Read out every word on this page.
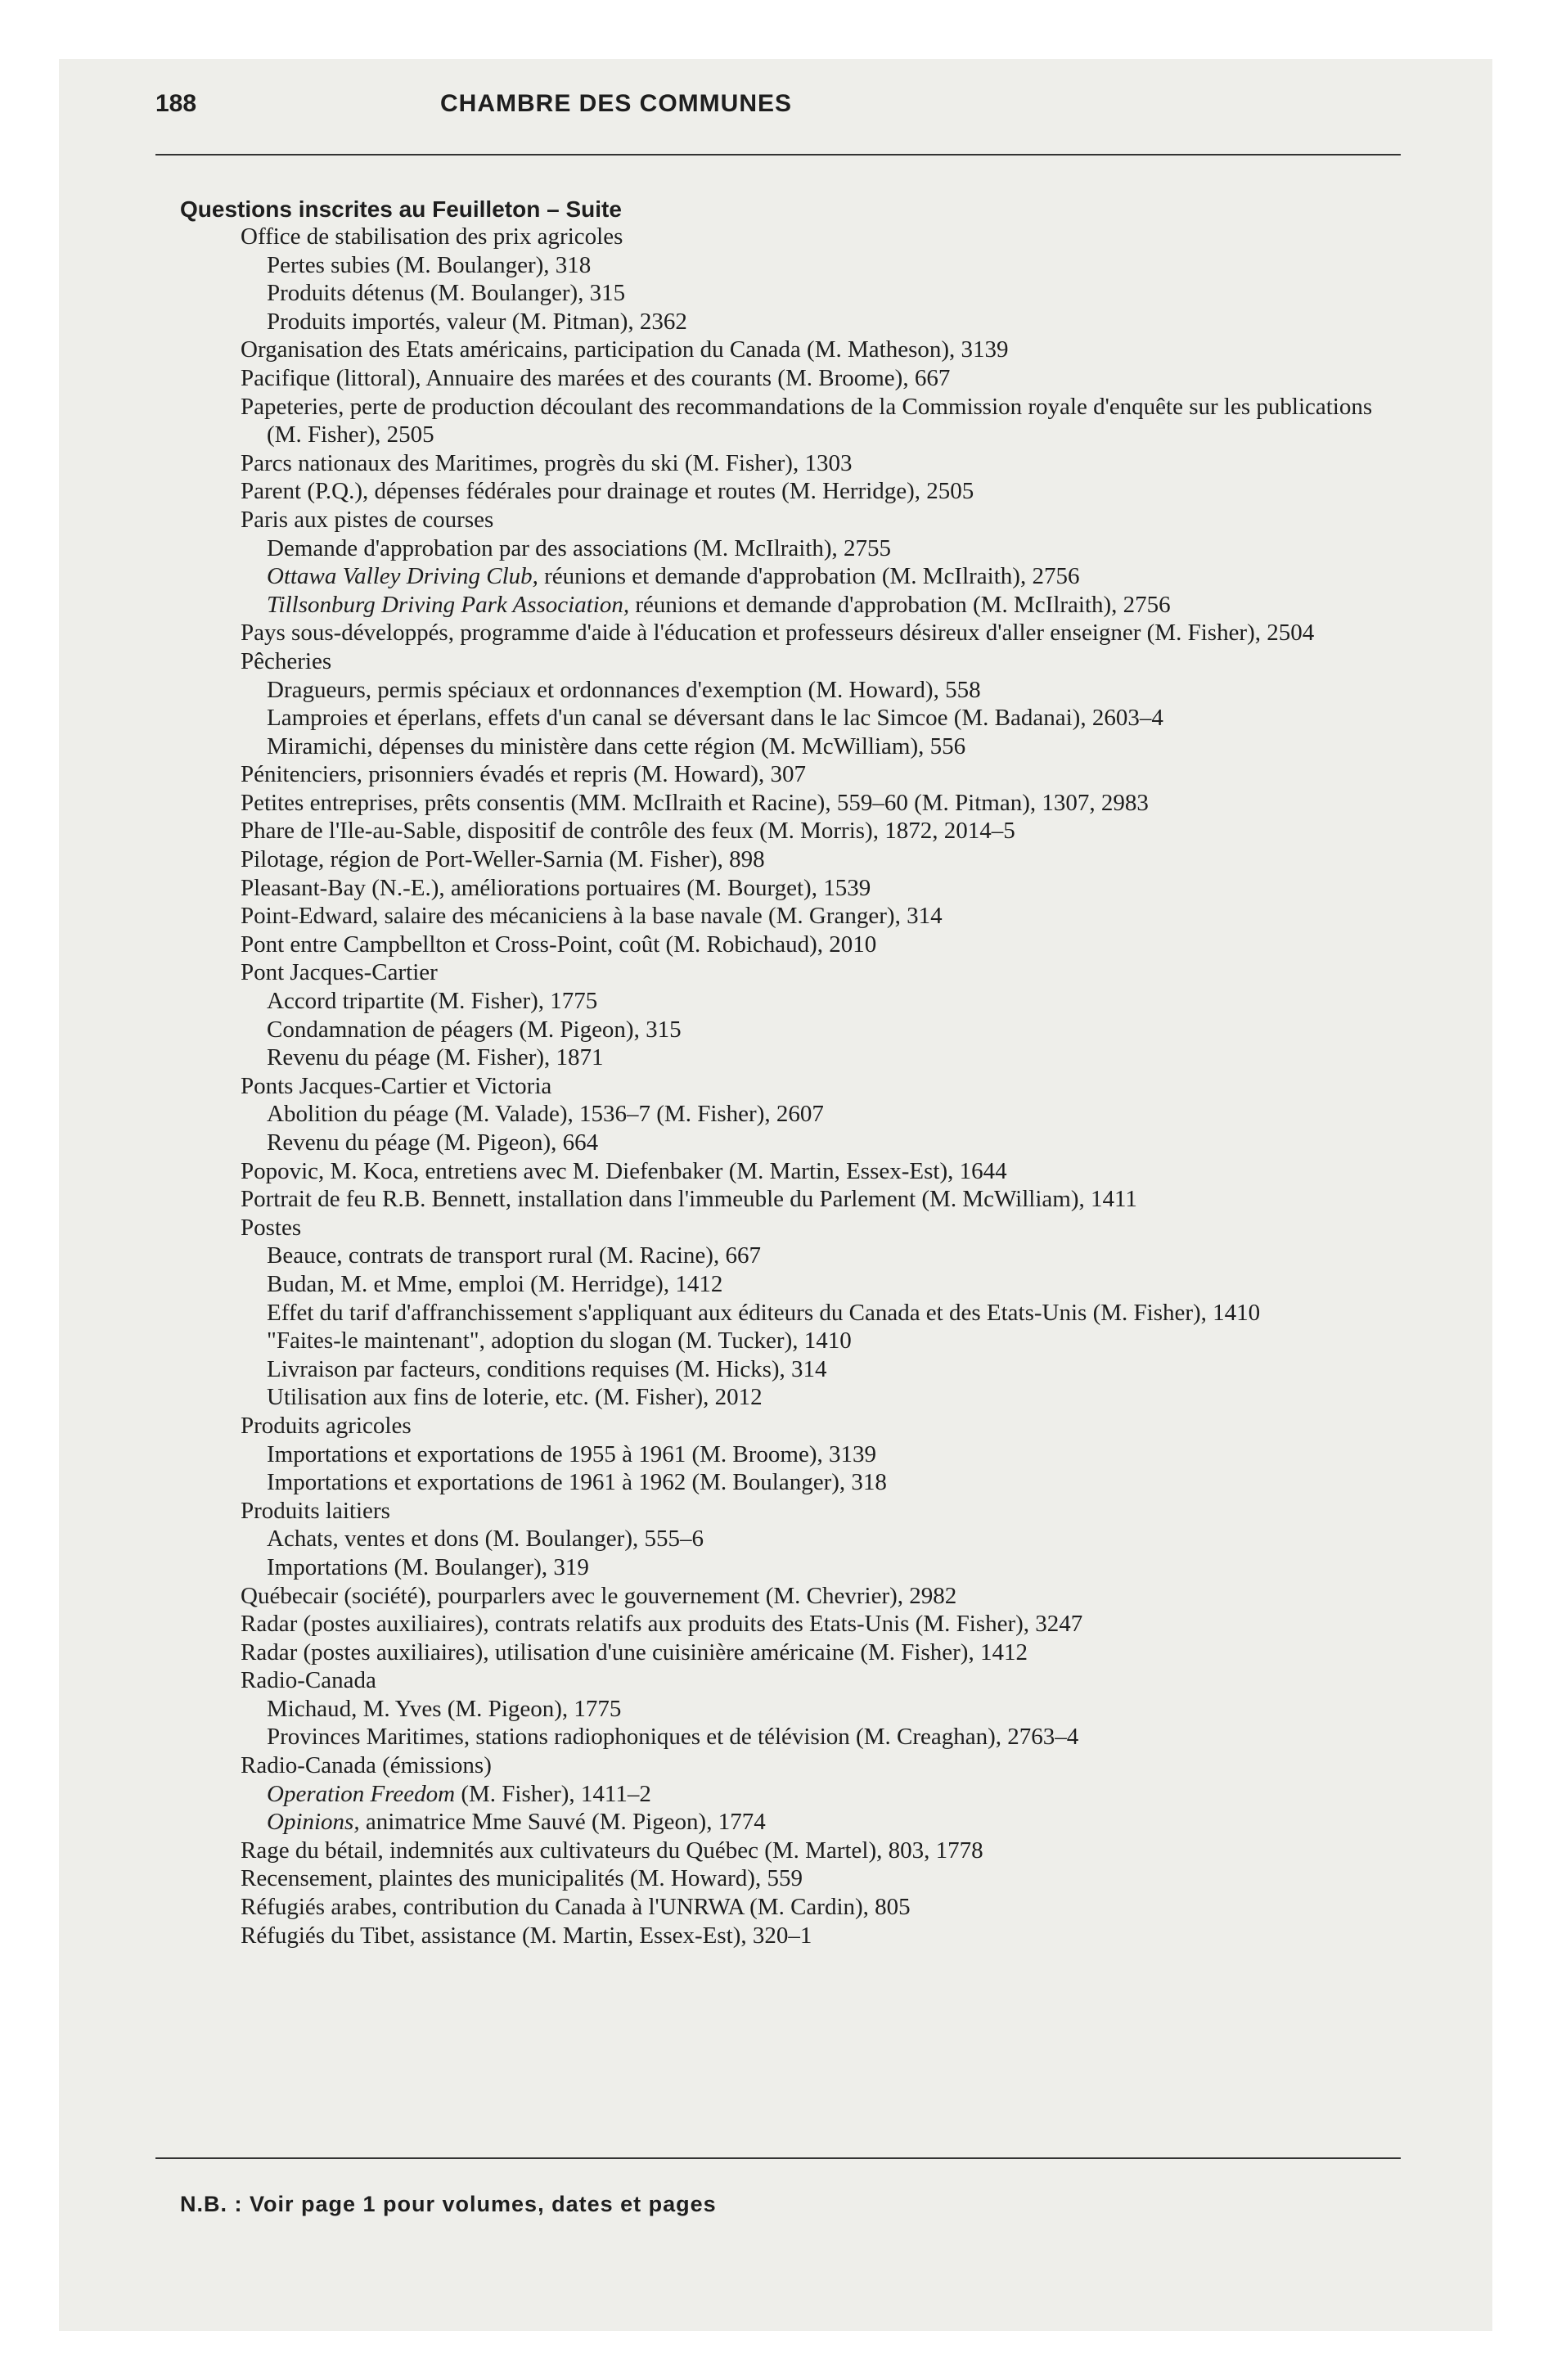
188	CHAMBRE DES COMMUNES
Questions inscrites au Feuilleton – Suite

Office de stabilisation des prix agricoles

Pertes subies (M. Boulanger), 318

Produits détenus (M. Boulanger), 315

Produits importés, valeur (M. Pitman), 2362

Organisation des Etats américains, participation du Canada (M. Matheson), 3139

Pacifique (littoral), Annuaire des marées et des courants (M. Broome), 667

Papeteries, perte de production découlant des recommandations de la Commission royale d'enquête sur les publications (M. Fisher), 2505

Parcs nationaux des Maritimes, progrès du ski (M. Fisher), 1303

Parent (P.Q.), dépenses fédérales pour drainage et routes (M. Herridge), 2505

Paris aux pistes de courses

Demande d'approbation par des associations (M. McIlraith), 2755

Ottawa Valley Driving Club, réunions et demande d'approbation (M. McIlraith), 2756

Tillsonburg Driving Park Association, réunions et demande d'approbation (M. McIlraith), 2756

Pays sous-développés, programme d'aide à l'éducation et professeurs désireux d'aller enseigner (M. Fisher), 2504

Pêcheries

Dragueurs, permis spéciaux et ordonnances d'exemption (M. Howard), 558

Lamproies et éperlans, effets d'un canal se déversant dans le lac Simcoe (M. Badanai), 2603–4

Miramichi, dépenses du ministère dans cette région (M. McWilliam), 556

Pénitenciers, prisonniers évadés et repris (M. Howard), 307

Petites entreprises, prêts consentis (MM. McIlraith et Racine), 559–60 (M. Pitman), 1307, 2983

Phare de l'Ile-au-Sable, dispositif de contrôle des feux (M. Morris), 1872, 2014–5

Pilotage, région de Port-Weller-Sarnia (M. Fisher), 898

Pleasant-Bay (N.-E.), améliorations portuaires (M. Bourget), 1539

Point-Edward, salaire des mécaniciens à la base navale (M. Granger), 314

Pont entre Campbellton et Cross-Point, coût (M. Robichaud), 2010

Pont Jacques-Cartier

Accord tripartite (M. Fisher), 1775

Condamnation de péagers (M. Pigeon), 315

Revenu du péage (M. Fisher), 1871

Ponts Jacques-Cartier et Victoria

Abolition du péage (M. Valade), 1536–7 (M. Fisher), 2607

Revenu du péage (M. Pigeon), 664

Popovic, M. Koca, entretiens avec M. Diefenbaker (M. Martin, Essex-Est), 1644

Portrait de feu R.B. Bennett, installation dans l'immeuble du Parlement (M. McWilliam), 1411

Postes

Beauce, contrats de transport rural (M. Racine), 667

Budan, M. et Mme, emploi (M. Herridge), 1412

Effet du tarif d'affranchissement s'appliquant aux éditeurs du Canada et des Etats-Unis (M. Fisher), 1410

"Faites-le maintenant", adoption du slogan (M. Tucker), 1410

Livraison par facteurs, conditions requises (M. Hicks), 314

Utilisation aux fins de loterie, etc. (M. Fisher), 2012

Produits agricoles

Importations et exportations de 1955 à 1961 (M. Broome), 3139

Importations et exportations de 1961 à 1962 (M. Boulanger), 318

Produits laitiers

Achats, ventes et dons (M. Boulanger), 555–6

Importations (M. Boulanger), 319

Québecair (société), pourparlers avec le gouvernement (M. Chevrier), 2982

Radar (postes auxiliaires), contrats relatifs aux produits des Etats-Unis (M. Fisher), 3247

Radar (postes auxiliaires), utilisation d'une cuisinière américaine (M. Fisher), 1412

Radio-Canada

Michaud, M. Yves (M. Pigeon), 1775

Provinces Maritimes, stations radiophoniques et de télévision (M. Creaghan), 2763–4

Radio-Canada (émissions)

Operation Freedom (M. Fisher), 1411–2

Opinions, animatrice Mme Sauvé (M. Pigeon), 1774

Rage du bétail, indemnités aux cultivateurs du Québec (M. Martel), 803, 1778

Recensement, plaintes des municipalités (M. Howard), 559

Réfugiés arabes, contribution du Canada à l'UNRWA (M. Cardin), 805

Réfugiés du Tibet, assistance (M. Martin, Essex-Est), 320–1

N.B. : Voir page 1 pour volumes, dates et pages
